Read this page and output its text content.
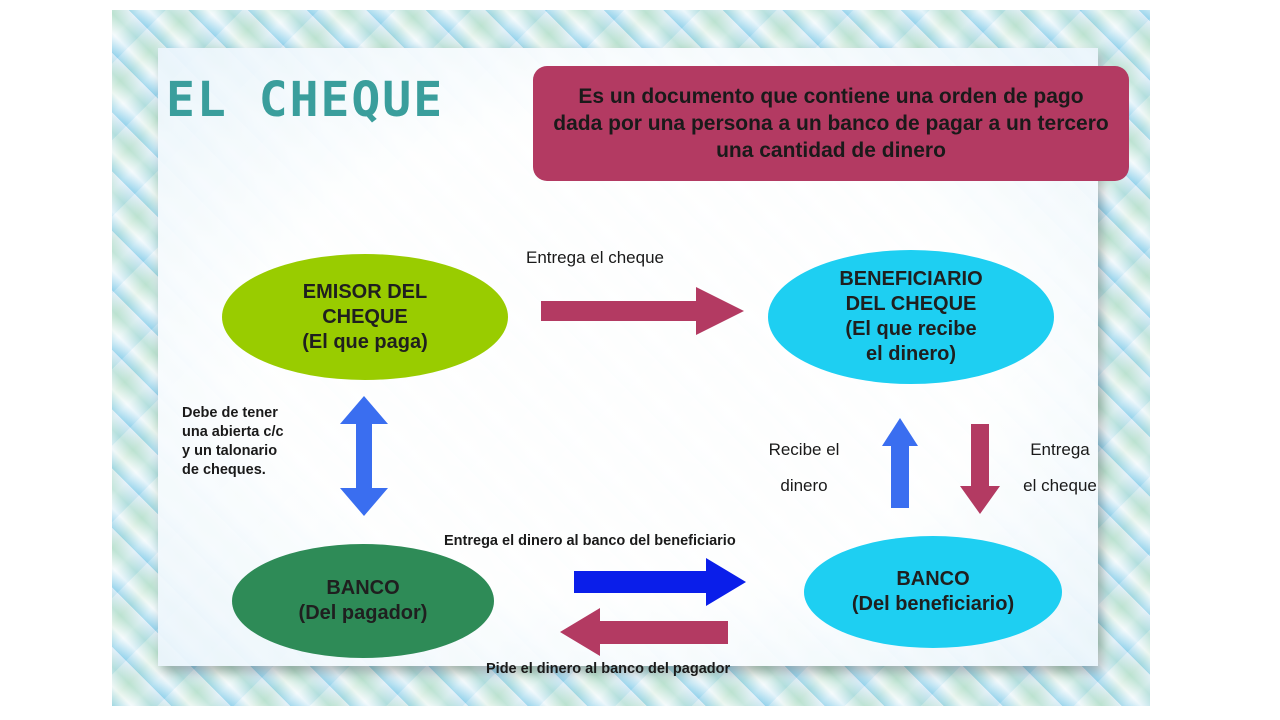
EL CHEQUE	Es un documento que contiene una orden de pago dada por una persona a un banco de pagar a un tercero una cantidad de dinero
EMISOR DEL
CHEQUE
(El que paga)
BENEFICIARIO
DEL CHEQUE
(El que recibe
el dinero)
BANCO
(Del pagador)
BANCO
(Del beneficiario)
Entrega el cheque
Debe de tener
una abierta c/c
y un talonario
de cheques.
Recibe el
dinero
Entrega
el cheque
Entrega el dinero al banco del beneficiario
Pide el dinero al banco del pagador
